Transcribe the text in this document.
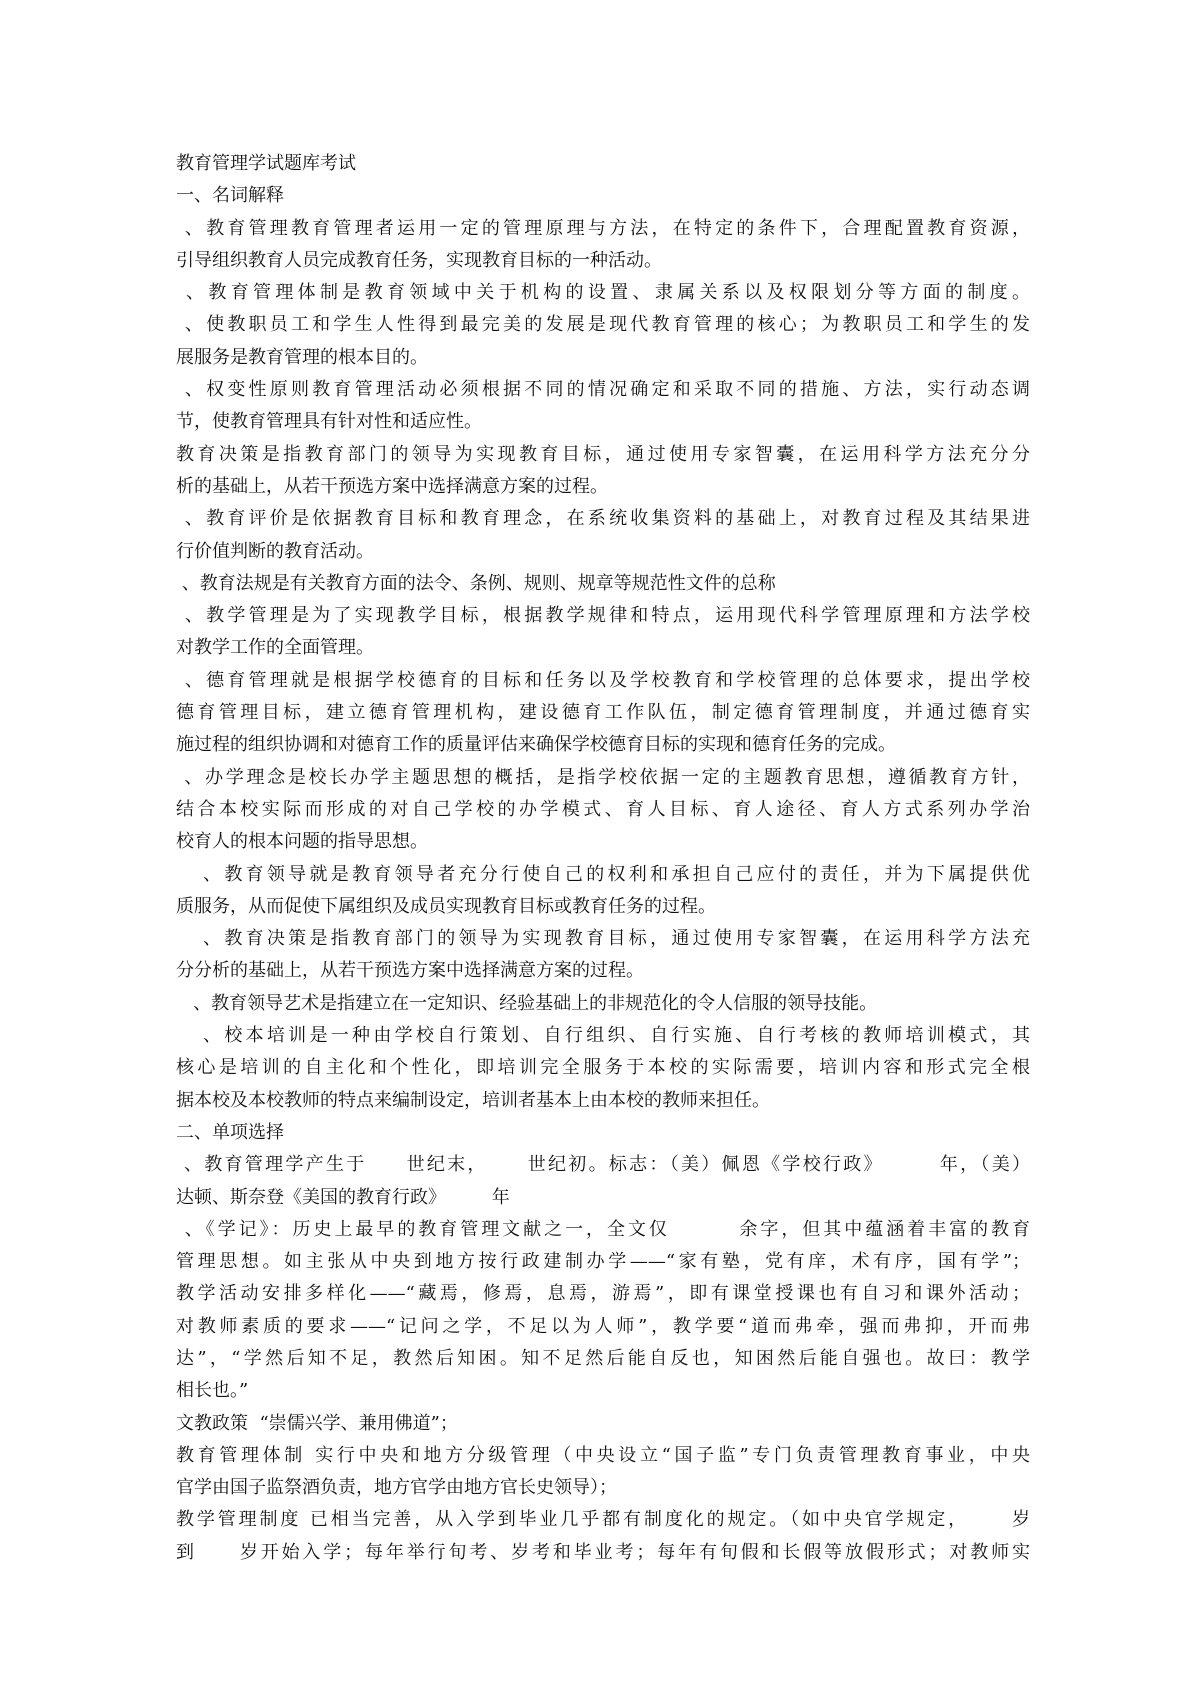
教育管理学试题库考试
一、名词解释
、教育管理教育管理者运用一定的管理原理与方法，在特定的条件下，合理配置教育资源，
引导组织教育人员完成教育任务，实现教育目标的一种活动。
、教育管理体制是教育领域中关于机构的设置、隶属关系以及权限划分等方面的制度。
、使教职员工和学生人性得到最完美的发展是现代教育管理的核心；为教职员工和学生的发
展服务是教育管理的根本目的。
、权变性原则教育管理活动必须根据不同的情况确定和采取不同的措施、方法，实行动态调
节，使教育管理具有针对性和适应性。
教育决策是指教育部门的领导为实现教育目标，通过使用专家智囊，在运用科学方法充分分
析的基础上，从若干预选方案中选择满意方案的过程。
、教育评价是依据教育目标和教育理念，在系统收集资料的基础上，对教育过程及其结果进
行价值判断的教育活动。
、教育法规是有关教育方面的法令、条例、规则、规章等规范性文件的总称
、教学管理是为了实现教学目标，根据教学规律和特点，运用现代科学管理原理和方法学校
对教学工作的全面管理。
、德育管理就是根据学校德育的目标和任务以及学校教育和学校管理的总体要求，提出学校
德育管理目标，建立德育管理机构，建设德育工作队伍，制定德育管理制度，并通过德育实
施过程的组织协调和对德育工作的质量评估来确保学校德育目标的实现和德育任务的完成。
、办学理念是校长办学主题思想的概括，是指学校依据一定的主题教育思想，遵循教育方针，
结合本校实际而形成的对自己学校的办学模式、育人目标、育人途径、育人方式系列办学治
校育人的根本问题的指导思想。
、教育领导就是教育领导者充分行使自己的权利和承担自己应付的责任，并为下属提供优
质服务，从而促使下属组织及成员实现教育目标或教育任务的过程。
、教育决策是指教育部门的领导为实现教育目标，通过使用专家智囊，在运用科学方法充
分分析的基础上，从若干预选方案中选择满意方案的过程。
、教育领导艺术是指建立在一定知识、经验基础上的非规范化的令人信服的领导技能。
、校本培训是一种由学校自行策划、自行组织、自行实施、自行考核的教师培训模式，其
核心是培训的自主化和个性化，即培训完全服务于本校的实际需要，培训内容和形式完全根
据本校及本校教师的特点来编制设定，培训者基本上由本校的教师来担任。
二、单项选择
、教育管理学产生于     世纪末，     世纪初。标志：（美）佩恩《学校行政》       年，（美）
达顿、斯奈登《美国的教育行政》        年
、《学记》：历史上最早的教育管理文献之一，全文仅        余字，但其中蕴涵着丰富的教育
管理思想。如主张从中央到地方按行政建制办学——“家有塾，党有庠，术有序，国有学”；
教学活动安排多样化——“藏焉，修焉，息焉，游焉”，即有课堂授课也有自习和课外活动；
对教师素质的要求——“记问之学，不足以为人师”，教学要“道而弗牵，强而弗抑，开而弗
达”，“学然后知不足，教然后知困。知不足然后能自反也，知困然后能自强也。故曰：教学
相长也。”
文教政策  “崇儒兴学、兼用佛道”；
教育管理体制 实行中央和地方分级管理（中央设立“国子监”专门负责管理教育事业，中央
官学由国子监祭酒负责，地方官学由地方官长史领导）；
教学管理制度 已相当完善，从入学到毕业几乎都有制度化的规定。（如中央官学规定，     岁
到     岁开始入学；每年举行旬考、岁考和毕业考；每年有旬假和长假等放假形式；对教师实
